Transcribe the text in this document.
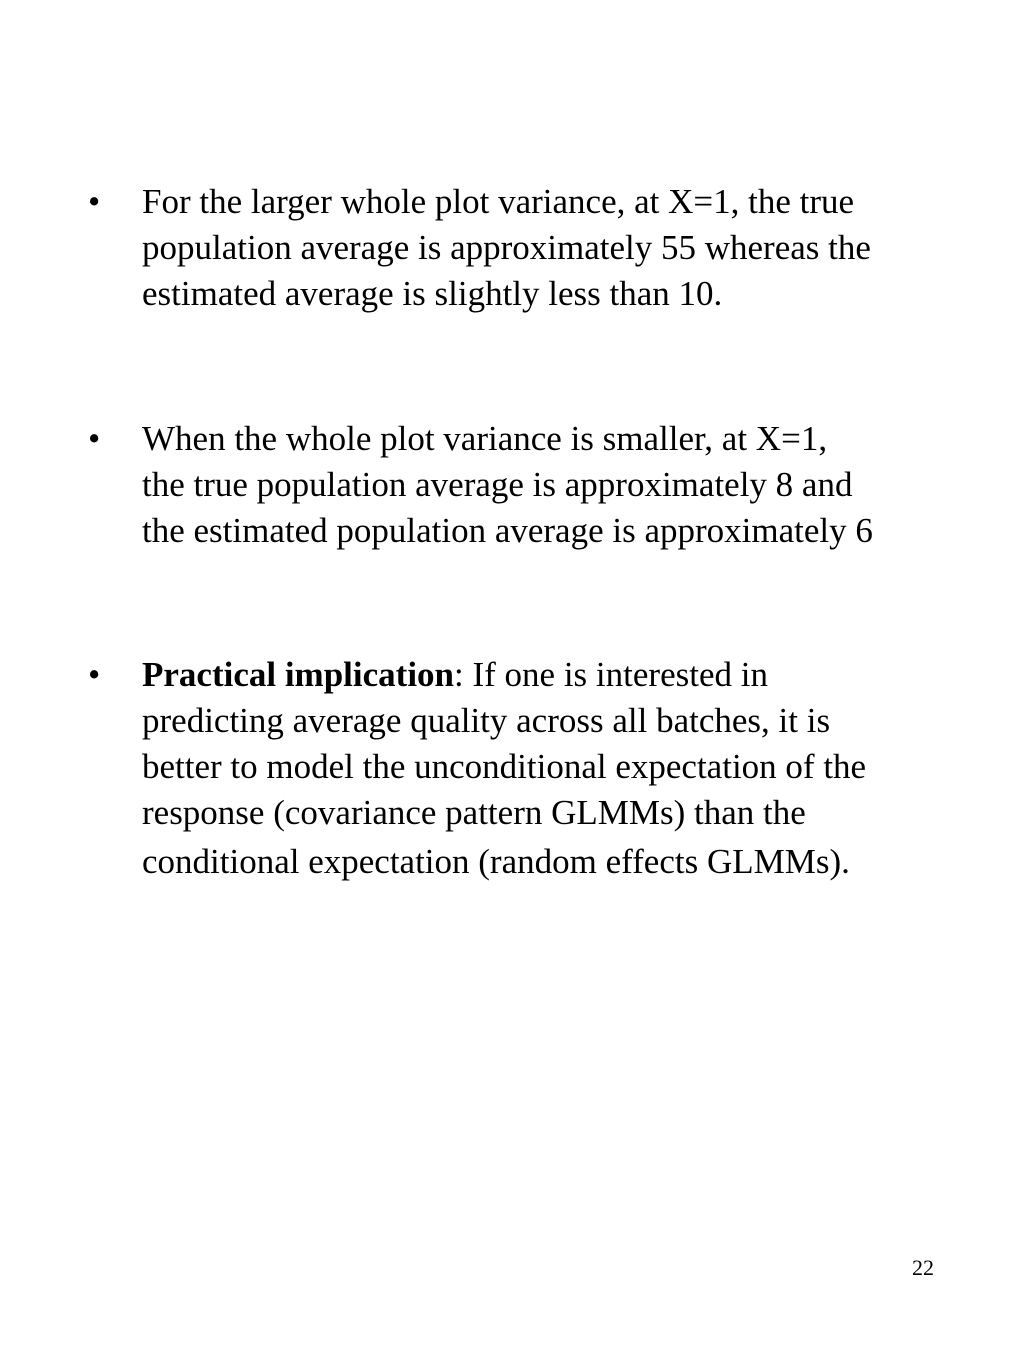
•	For the larger whole plot variance, at X=1, the true
population average is approximately 55 whereas the
estimated average is slightly less than 10.
•	When the whole plot variance is smaller, at X=1,
the true population average is approximately 8 and
the estimated population average is approximately 6
•	Practical implication: If one is interested in
predicting average quality across all batches, it is
better to model the unconditional expectation of the
response (covariance pattern GLMMs) than the
conditional expectation (random effects GLMMs).
22
